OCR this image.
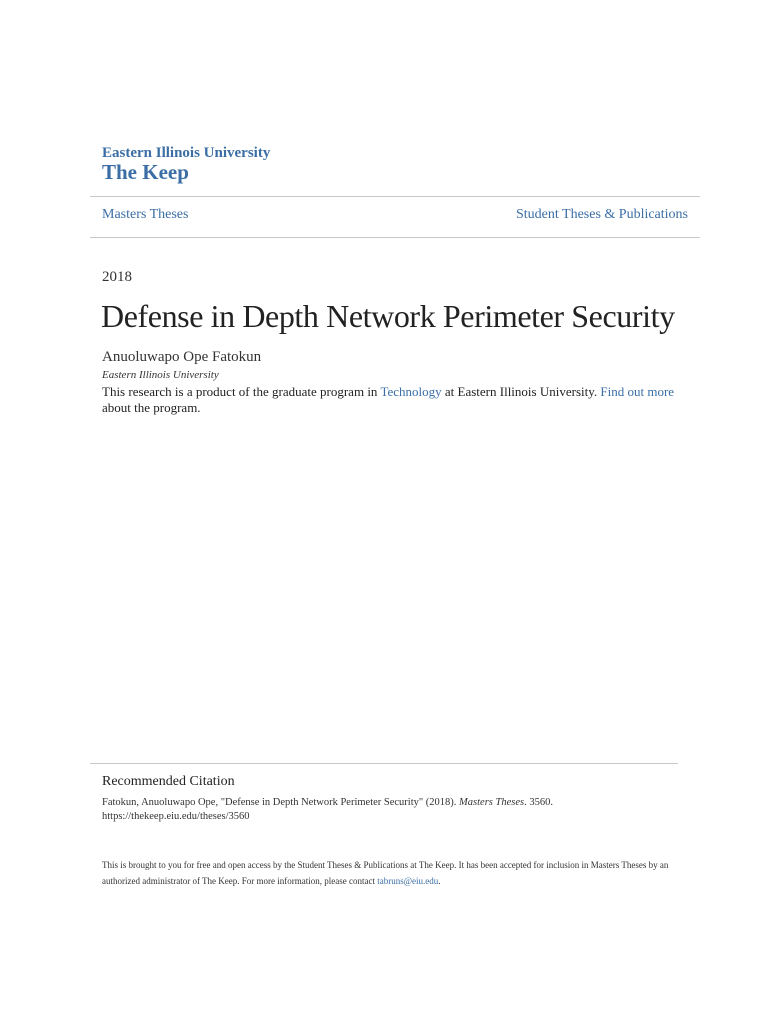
Eastern Illinois University
The Keep
Masters Theses	Student Theses & Publications
2018
Defense in Depth Network Perimeter Security
Anuoluwapo Ope Fatokun
Eastern Illinois University
This research is a product of the graduate program in Technology at Eastern Illinois University. Find out more about the program.
Recommended Citation
Fatokun, Anuoluwapo Ope, "Defense in Depth Network Perimeter Security" (2018). Masters Theses. 3560.
https://thekeep.eiu.edu/theses/3560
This is brought to you for free and open access by the Student Theses & Publications at The Keep. It has been accepted for inclusion in Masters Theses by an authorized administrator of The Keep. For more information, please contact tabruns@eiu.edu.
